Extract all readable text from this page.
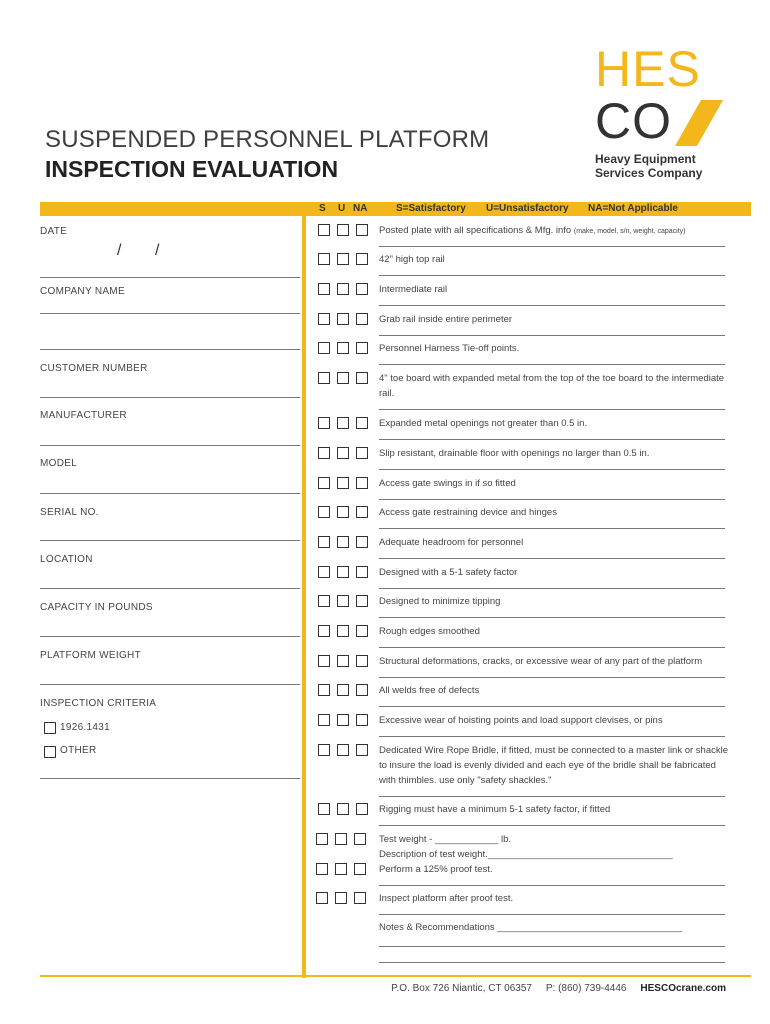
SUSPENDED PERSONNEL PLATFORM
INSPECTION EVALUATION
HES
CO
Heavy Equipment
Services Company
S U NA	S=Satisfactory U=Unsatisfactory NA=Not Applicable
DATE
/ /
COMPANY NAME
CUSTOMER NUMBER
MANUFACTURER
MODEL
SERIAL NO.
LOCATION
CAPACITY IN POUNDS
PLATFORM WEIGHT
INSPECTION CRITERIA
1926.1431
OTHER
Posted plate with all specifications & Mfg. info (make, model, s/n, weight, capacity)
42" high top rail
Intermediate rail
Grab rail inside entire perimeter
Personnel Harness Tie-off points.
4" toe board with expanded metal from the top of the toe board to the intermediate rail.
Expanded metal openings not greater than 0.5 in.
Slip resistant, drainable floor with openings no larger than 0.5 in.
Access gate swings in if so fitted
Access gate restraining device and hinges
Adequate headroom for personnel
Designed with a 5-1 safety factor
Designed to minimize tipping
Rough edges smoothed
Structural deformations, cracks, or excessive wear of any part of the platform
All welds free of defects
Excessive wear of hoisting points and load support clevises, or pins
Dedicated Wire Rope Bridle, if fitted, must be connected to a master link or shackle to insure the load is evenly divided and each eye of the bridle shall be fabricated with thimbles. use only "safety shackles."
Rigging must have a minimum 5-1 safety factor, if fitted
Test weight - ____________ lb.
Description of test weight.___________________________________
Perform a 125% proof test.
Inspect platform after proof test.
Notes & Recommendations ___________________________________
P.O. Box 726 Niantic, CT 06357 P: (860) 739-4446 HESCOcrane.com
